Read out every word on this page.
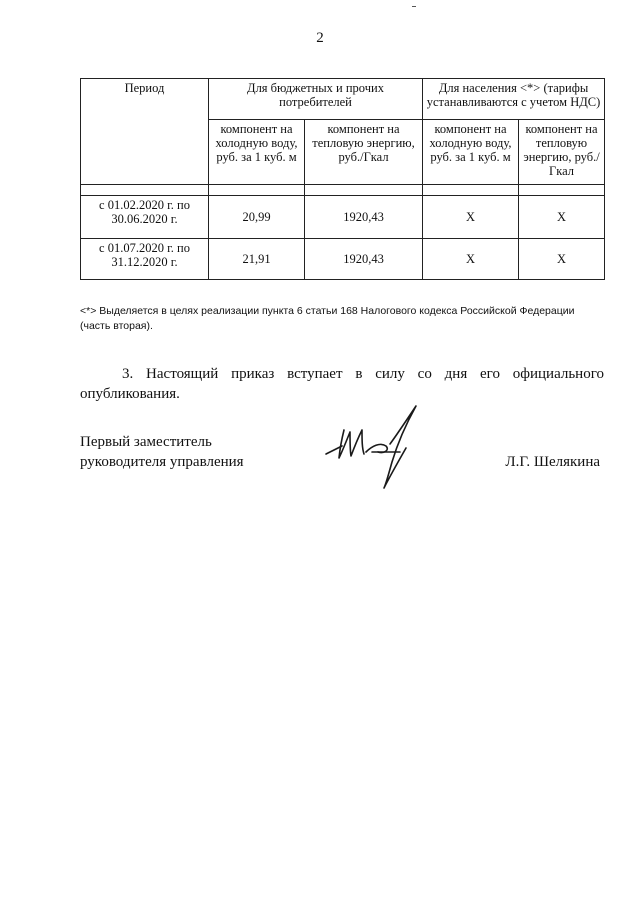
2
Период	Для бюджетных и прочих потребителей		Для населения <*> (тарифы устанавливаются с учетом НДС)	
	компонент на холодную воду, руб. за 1 куб. м	компонент на тепловую энергию, руб./Гкал	компонент на холодную воду, руб. за 1 куб. м	компонент на тепловую энергию, руб./Гкал

с 01.02.2020 г. по 30.06.2020 г.	20,99	1920,43	X	X
с 01.07.2020 г. по 31.12.2020 г.	21,91	1920,43	X	X
<*> Выделяется в целях реализации пункта 6 статьи 168 Налогового кодекса Российской Федерации (часть вторая).
3. Настоящий приказ вступает в силу со дня его официального опубликования.
Первый заместитель
руководителя управления	Л.Г. Шелякина
